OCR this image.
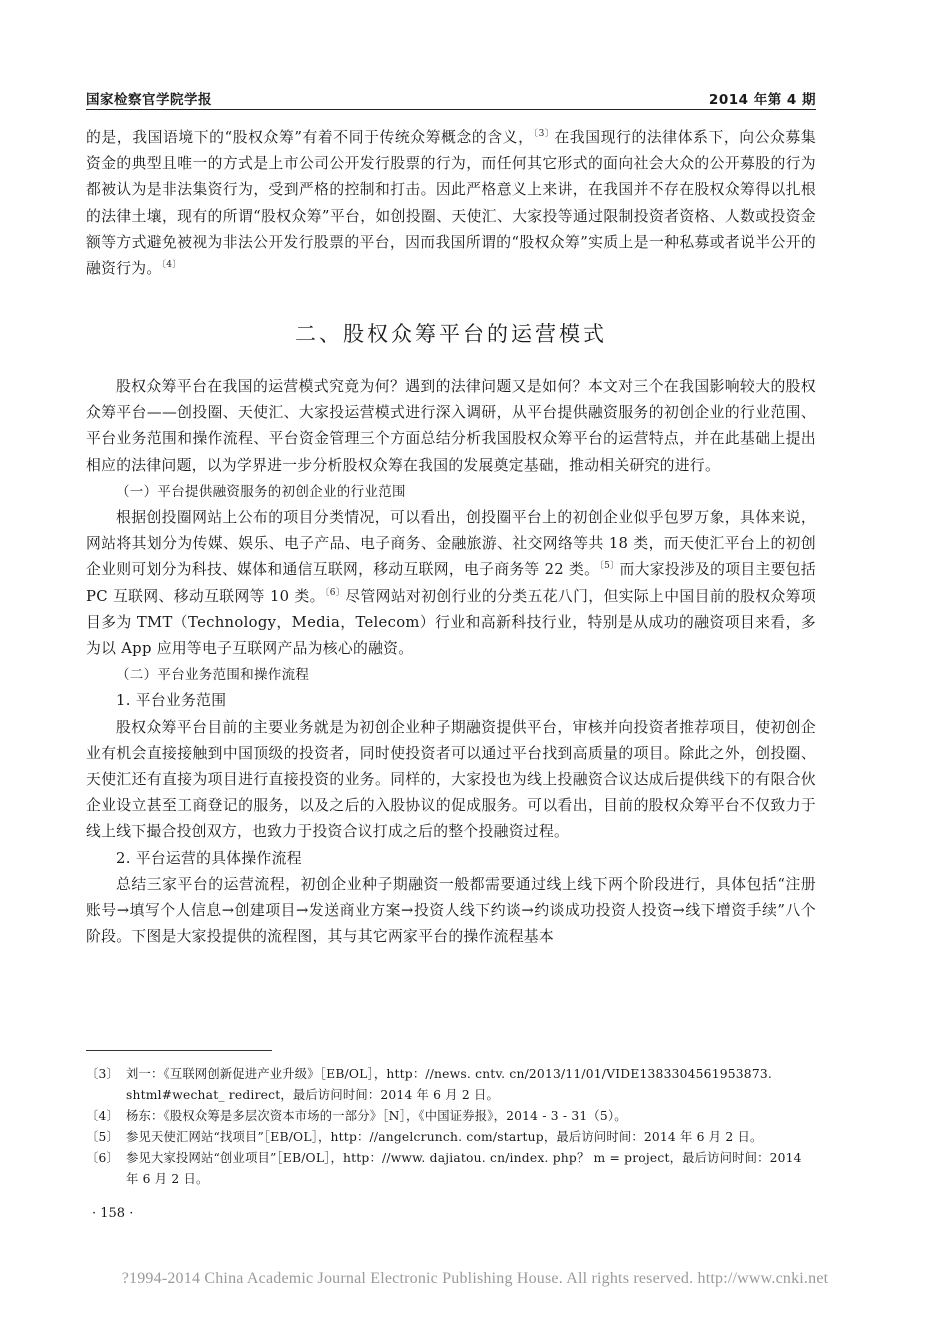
国家检察官学院学报	2014 年第 4 期
的是，我国语境下的“股权众筹”有着不同于传统众筹概念的含义，$^{〔3〕}$在我国现行的法律体系下，向公众募集资金的典型且唯一的方式是上市公司公开发行股票的行为，而任何其它形式的面向社会大众的公开募股的行为都被认为是非法集资行为，受到严格的控制和打击。因此严格意义上来讲，在我国并不存在股权众筹得以扎根的法律土壤，现有的所谓“股权众筹”平台，如创投圈、天使汇、大家投等通过限制投资者资格、人数或投资金额等方式避免被视为非法公开发行股票的平台，因而我国所谓的“股权众筹”实质上是一种私募或者说半公开的融资行为。$^{〔4〕}$
二、股权众筹平台的运营模式

股权众筹平台在我国的运营模式究竟为何？遇到的法律问题又是如何？本文对三个在我国影响较大的股权众筹平台——创投圈、天使汇、大家投运营模式进行深入调研，从平台提供融资服务的初创企业的行业范围、平台业务范围和操作流程、平台资金管理三个方面总结分析我国股权众筹平台的运营特点，并在此基础上提出相应的法律问题，以为学界进一步分析股权众筹在我国的发展奠定基础，推动相关研究的进行。

（一）平台提供融资服务的初创企业的行业范围

根据创投圈网站上公布的项目分类情况，可以看出，创投圈平台上的初创企业似乎包罗万象，具体来说，网站将其划分为传媒、娱乐、电子产品、电子商务、金融旅游、社交网络等共 18 类，而天使汇平台上的初创企业则可划分为科技、媒体和通信互联网，移动互联网，电子商务等 22 类。$^{〔5〕}$而大家投涉及的项目主要包括 PC 互联网、移动互联网等 10 类。$^{〔6〕}$尽管网站对初创行业的分类五花八门，但实际上中国目前的股权众筹项目多为 TMT（Technology，Media，Telecom）行业和高新科技行业，特别是从成功的融资项目来看，多为以 App 应用等电子互联网产品为核心的融资。

（二）平台业务范围和操作流程

1. 平台业务范围

股权众筹平台目前的主要业务就是为初创企业种子期融资提供平台，审核并向投资者推荐项目，使初创企业有机会直接接触到中国顶级的投资者，同时使投资者可以通过平台找到高质量的项目。除此之外，创投圈、天使汇还有直接为项目进行直接投资的业务。同样的，大家投也为线上投融资合议达成后提供线下的有限合伙企业设立甚至工商登记的服务，以及之后的入股协议的促成服务。可以看出，目前的股权众筹平台不仅致力于线上线下撮合投创双方，也致力于投资合议打成之后的整个投融资过程。

2. 平台运营的具体操作流程

总结三家平台的运营流程，初创企业种子期融资一般都需要通过线上线下两个阶段进行，具体包括“注册账号→填写个人信息→创建项目→发送商业方案→投资人线下约谈→约谈成功投资人投资→线下增资手续”八个阶段。下图是大家投提供的流程图，其与其它两家平台的操作流程基本

〔3〕 刘一：《互联网创新促进产业升级》［EB/OL］，http：//news. cntv. cn/2013/11/01/VIDE1383304561953873. shtml#wechat_ redirect，最后访问时间：2014 年 6 月 2 日。
〔4〕 杨东：《股权众筹是多层次资本市场的一部分》［N］，《中国证券报》，2014 - 3 - 31（5）。
〔5〕 参见天使汇网站“找项目”［EB/OL］，http：//angelcrunch. com/startup，最后访问时间：2014 年 6 月 2 日。
〔6〕 参见大家投网站“创业项目”［EB/OL］，http：//www. dajiatou. cn/index. php？ m = project，最后访问时间：2014 年 6 月 2 日。
· 158 ·
?1994-2014 China Academic Journal Electronic Publishing House. All rights reserved. http://www.cnki.net
